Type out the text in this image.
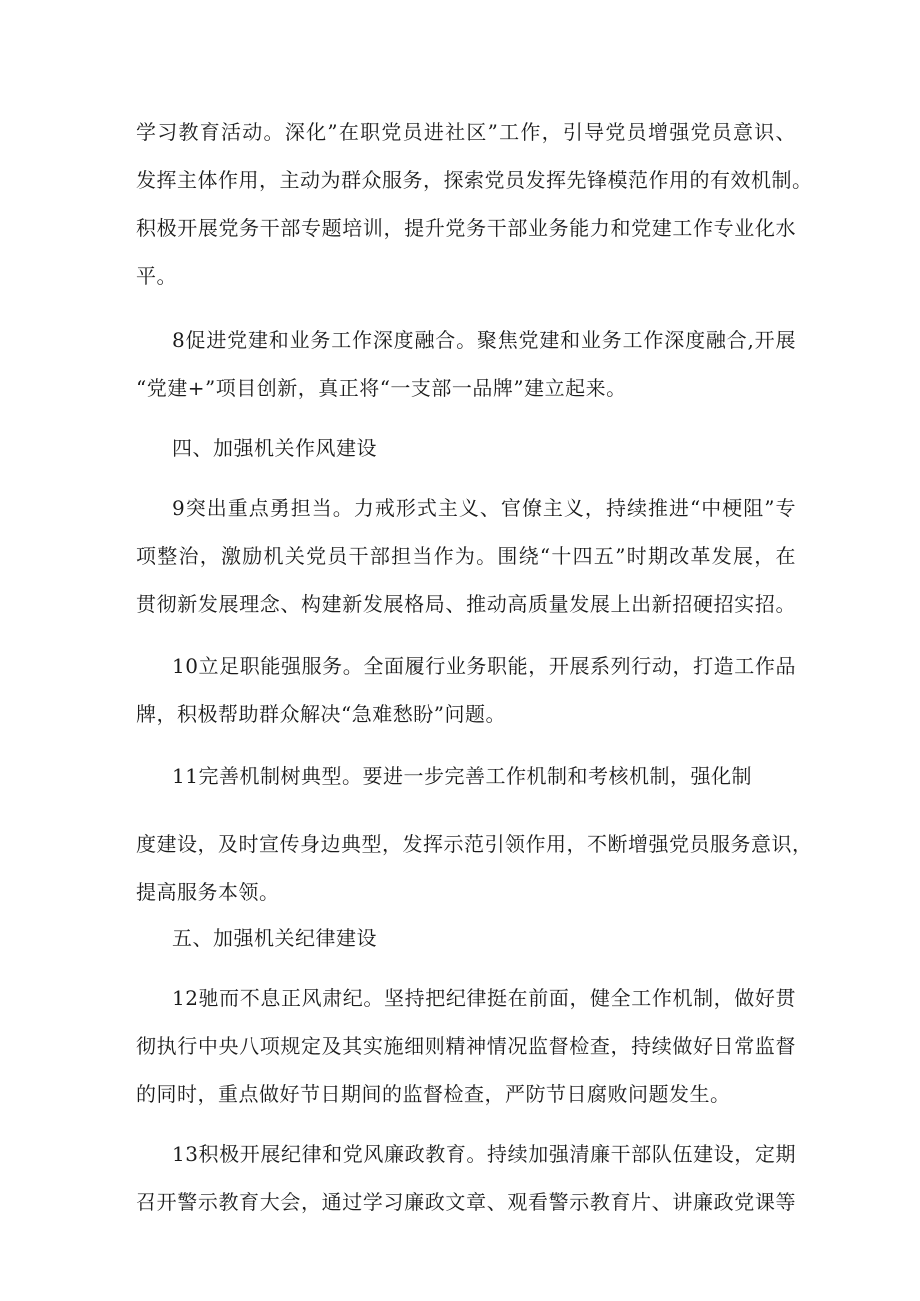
学习教育活动。深化”在职党员进社区”工作，引导党员增强党员意识、
发挥主体作用，主动为群众服务，探索党员发挥先锋模范作用的有效机制。
积极开展党务干部专题培训，提升党务干部业务能力和党建工作专业化水
平。
8促进党建和业务工作深度融合。聚焦党建和业务工作深度融合,开展
“党建+”项目创新，真正将“一支部一品牌”建立起来。
四、加强机关作风建设
9突出重点勇担当。力戒形式主义、官僚主义，持续推进“中梗阻”专
项整治，激励机关党员干部担当作为。围绕“十四五”时期改革发展，在
贯彻新发展理念、构建新发展格局、推动高质量发展上出新招硬招实招。
10立足职能强服务。全面履行业务职能，开展系列行动，打造工作品
牌，积极帮助群众解决“急难愁盼”问题。
11完善机制树典型。要进一步完善工作机制和考核机制，强化制
度建设，及时宣传身边典型，发挥示范引领作用，不断增强党员服务意识，
提高服务本领。
五、加强机关纪律建设
12驰而不息正风肃纪。坚持把纪律挺在前面，健全工作机制，做好贯
彻执行中央八项规定及其实施细则精神情况监督检查，持续做好日常监督
的同时，重点做好节日期间的监督检查，严防节日腐败问题发生。
13积极开展纪律和党风廉政教育。持续加强清廉干部队伍建设，定期
召开警示教育大会，通过学习廉政文章、观看警示教育片、讲廉政党课等
